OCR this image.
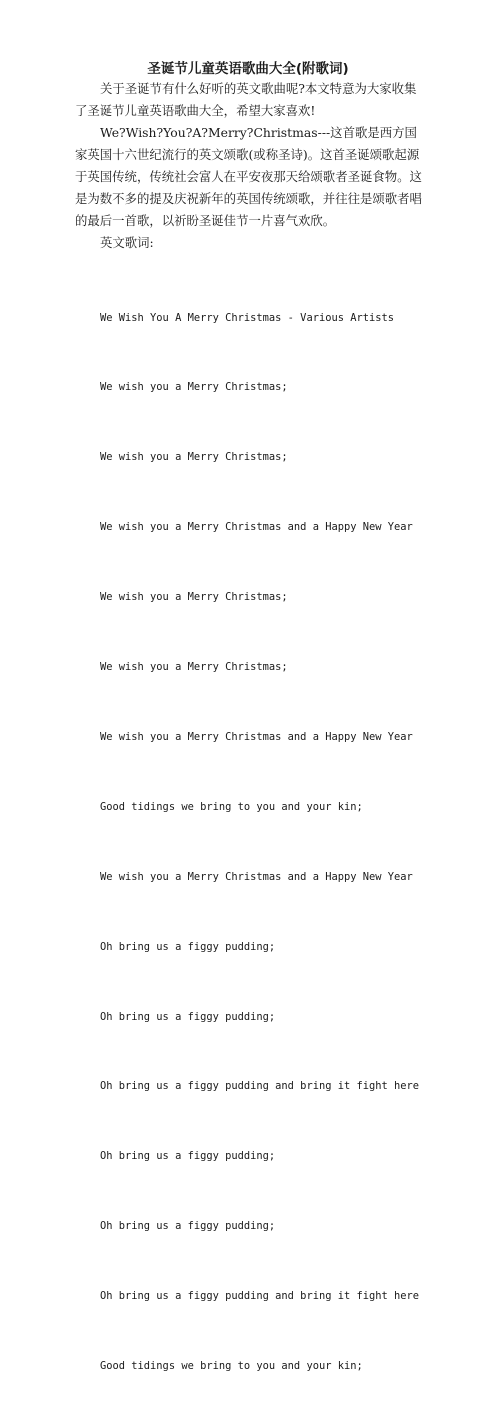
圣诞节儿童英语歌曲大全(附歌词)

关于圣诞节有什么好听的英文歌曲呢?本文特意为大家收集了圣诞节儿童英语歌曲大全，希望大家喜欢!

We?Wish?You?A?Merry?Christmas---这首歌是西方国家英国十六世纪流行的英文颂歌(或称圣诗)。这首圣诞颂歌起源于英国传统，传统社会富人在平安夜那天给颂歌者圣诞食物。这是为数不多的提及庆祝新年的英国传统颂歌，并往往是颂歌者唱的最后一首歌，以祈盼圣诞佳节一片喜气欢欣。

英文歌词:

We Wish You A Merry Christmas - Various Artists

We wish you a Merry Christmas;

We wish you a Merry Christmas;

We wish you a Merry Christmas and a Happy New Year

We wish you a Merry Christmas;

We wish you a Merry Christmas;

We wish you a Merry Christmas and a Happy New Year

Good tidings we bring to you and your kin;

We wish you a Merry Christmas and a Happy New Year

Oh bring us a figgy pudding;

Oh bring us a figgy pudding;

Oh bring us a figgy pudding and bring it fight here

Oh bring us a figgy pudding;

Oh bring us a figgy pudding;

Oh bring us a figgy pudding and bring it fight here

Good tidings we bring to you and your kin;
